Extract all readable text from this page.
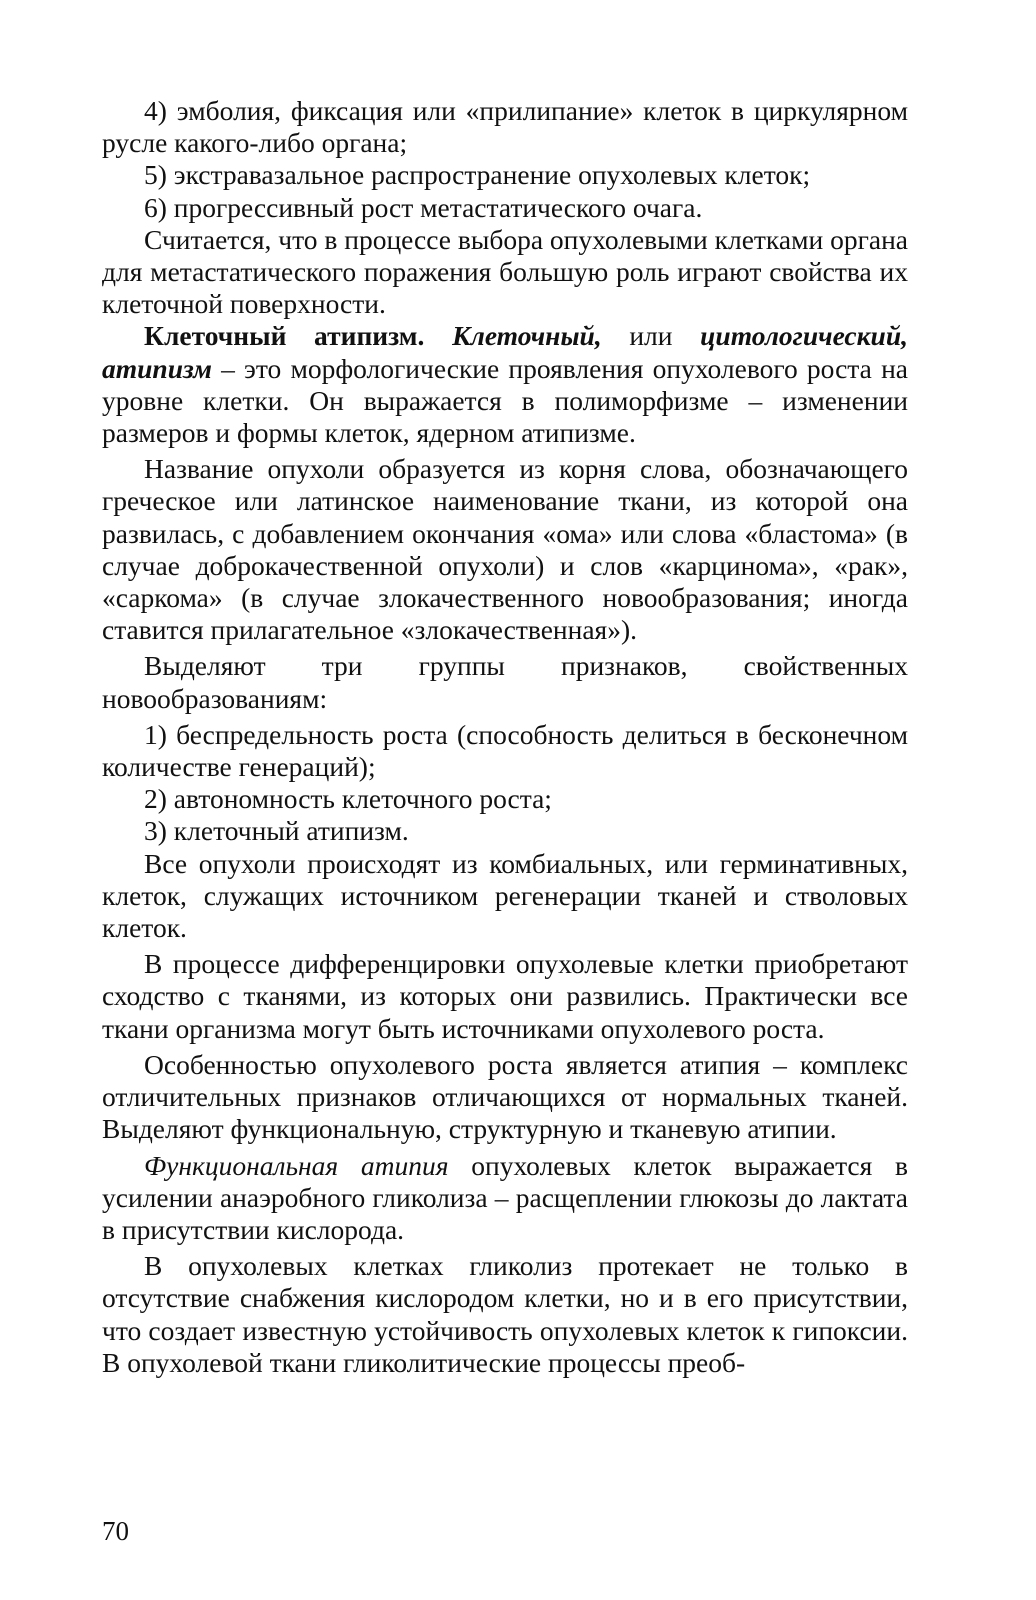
4) эмболия, фиксация или «прилипание» клеток в циркулярном русле какого-либо органа;

5) экстравазальное распространение опухолевых клеток;

6) прогрессивный рост метастатического очага.

Считается, что в процессе выбора опухолевыми клетками органа для метастатического поражения большую роль играют свойства их клеточной поверхности.

Клеточный атипизм. Клеточный, или цитологический, атипизм – это морфологические проявления опухолевого роста на уровне клетки. Он выражается в полиморфизме – изменении размеров и формы клеток, ядерном атипизме.

Название опухоли образуется из корня слова, обозначающего греческое или латинское наименование ткани, из которой она развилась, с добавлением окончания «ома» или слова «бластома» (в случае доброкачественной опухоли) и слов «карцинома», «рак», «саркома» (в случае злокачественного новообразования; иногда ставится прилагательное «злокачественная»).

Выделяют три группы признаков, свойственных новообразованиям:

1) беспредельность роста (способность делиться в бесконечном количестве генераций);

2) автономность клеточного роста;

3) клеточный атипизм.

Все опухоли происходят из комбиальных, или герминативных, клеток, служащих источником регенерации тканей и стволовых клеток.

В процессе дифференцировки опухолевые клетки приобретают сходство с тканями, из которых они развились. Практически все ткани организма могут быть источниками опухолевого роста.

Особенностью опухолевого роста является атипия – комплекс отличительных признаков отличающихся от нормальных тканей. Выделяют функциональную, структурную и тканевую атипии.

Функциональная атипия опухолевых клеток выражается в усилении анаэробного гликолиза – расщеплении глюкозы до лактата в присутствии кислорода.

В опухолевых клетках гликолиз протекает не только в отсутствие снабжения кислородом клетки, но и в его присутствии, что создает известную устойчивость опухолевых клеток к гипоксии. В опухолевой ткани гликолитические процессы преоб-

70
